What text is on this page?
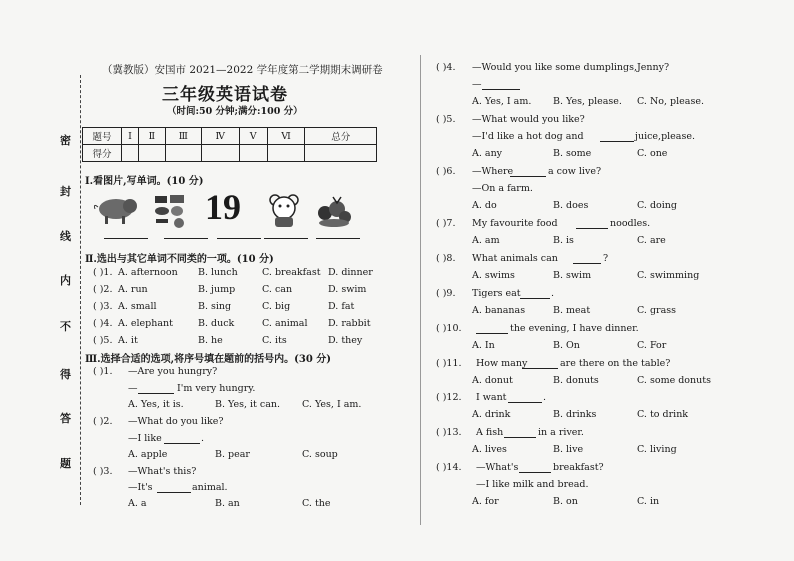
密
封
线
内
不
得
答
题
（冀教版）安国市 2021—2022 学年度第二学期期末调研卷
三年级英语试卷
（时间:50 分钟;满分:100 分）
题号	Ⅰ	Ⅱ	Ⅲ	Ⅳ	Ⅴ	Ⅵ	总分
得分							
Ⅰ.看图片,写单词。(10 分)
19
Ⅱ.选出与其它单词不同类的一项。(10 分)
( )1. A. afternoon B. lunch	C. breakfast D. dinner
( )2. A. run	B. jump	C. can	D. swim
( )3. A. small	B. sing	C. big	D. fat
( )4. A. elephant	B. duck	C. animal D. rabbit
( )5. A. it	B. he	C. its	D. they
Ⅲ.选择合适的选项,将序号填在题前的括号内。(30 分)
( )1. —Are you hungry?
—	I'm very hungry.
A. Yes, it is.	B. Yes, it can. C. Yes, I am.
( )2. —What do you like?
—I like	.
A. apple	B. pear	C. soup
( )3. —What's this?
—It's	animal.
A. a	B. an	C. the
( )4. —Would you like some dumplings,Jenny?
—
A. Yes, I am. B. Yes, please. C. No, please.
( )5. —What would you like?
—I'd like a hot dog and	juice,please.
A. any	B. some	C. one
( )6. —Where	a cow live?
—On a farm.
A. do	B. does	C. doing
( )7. My favourite food	noodles.
A. am	B. is	C. are
( )8. What animals can	?
A. swims	B. swim	C. swimming
( )9. Tigers eat	.
A. bananas	B. meat	C. grass
( )10.	the evening, I have dinner.
A. In	B. On	C. For
( )11. How many	are there on the table?
A. donut	B. donuts	C. some donuts
( )12. I want	.
A. drink	B. drinks	C. to drink
( )13. A fish	in a river.
A. lives	B. live	C. living
( )14. —What's	breakfast?
—I like milk and bread.
A. for	B. on	C. in
